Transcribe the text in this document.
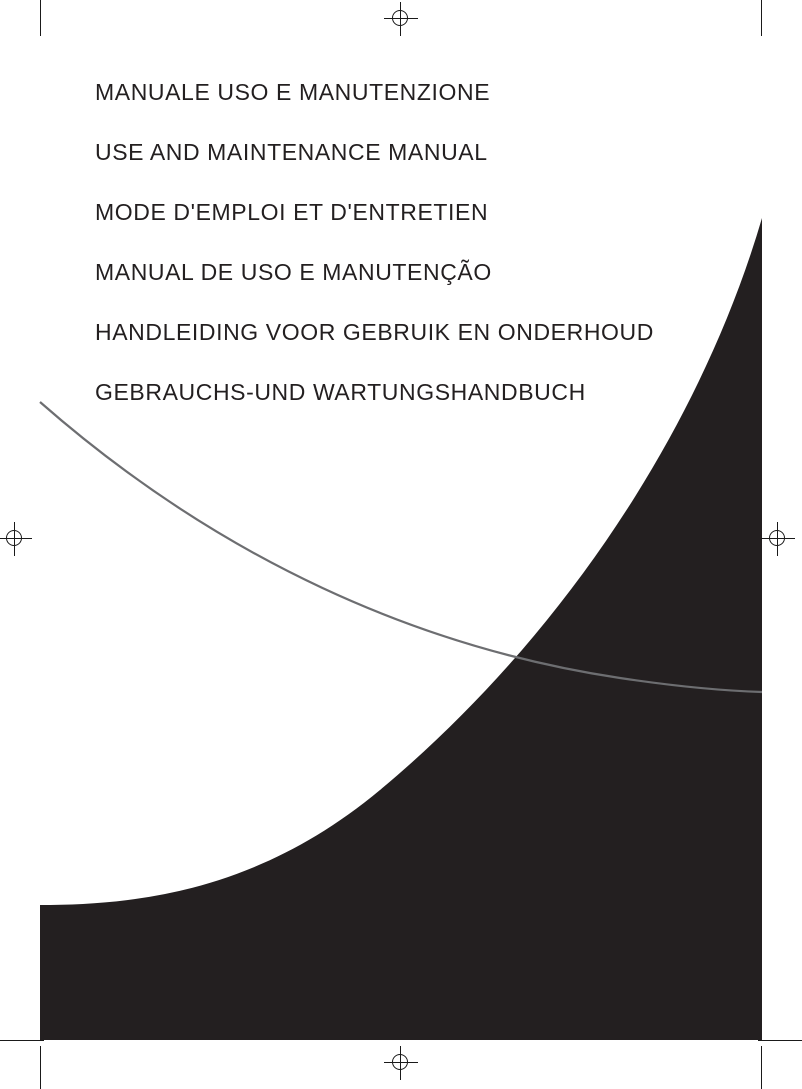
MANUALE USO E MANUTENZIONE
USE AND MAINTENANCE MANUAL
MODE D'EMPLOI ET D'ENTRETIEN
MANUAL DE USO E MANUTENÇÃO
HANDLEIDING VOOR GEBRUIK EN ONDERHOUD
GEBRAUCHS-UND WARTUNGSHANDBUCH
